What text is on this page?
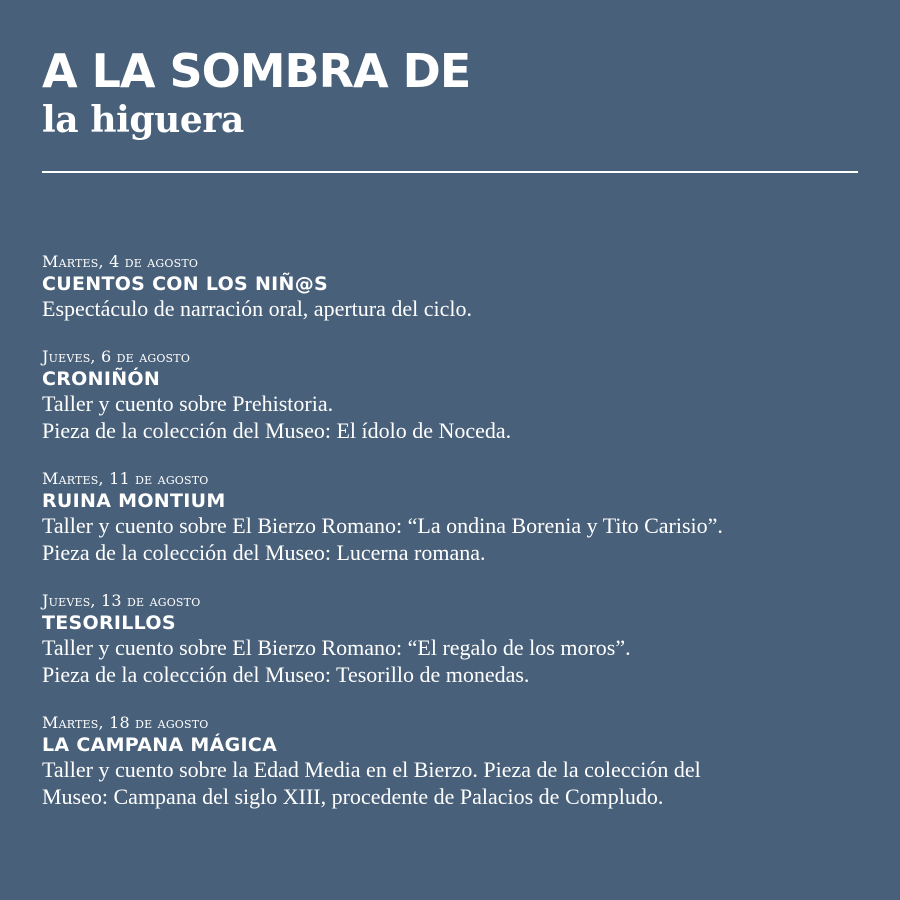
A LA SOMBRA DE
la higuera
Martes, 4 de agosto
CUENTOS CON LOS NIÑ@S
Espectáculo de narración oral, apertura del ciclo.
Jueves, 6 de agosto
CRONIÑÓN
Taller y cuento sobre Prehistoria.
Pieza de la colección del Museo: El ídolo de Noceda.
Martes, 11 de agosto
RUINA MONTIUM
Taller y cuento sobre El Bierzo Romano: “La ondina Borenia y Tito Carisio”.
Pieza de la colección del Museo: Lucerna romana.
Jueves, 13 de agosto
TESORILLOS
Taller y cuento sobre El Bierzo Romano: “El regalo de los moros”.
Pieza de la colección del Museo: Tesorillo de monedas.
Martes, 18 de agosto
LA CAMPANA MÁGICA
Taller y cuento sobre la Edad Media en el Bierzo. Pieza de la colección del
Museo: Campana del siglo XIII, procedente de Palacios de Compludo.
